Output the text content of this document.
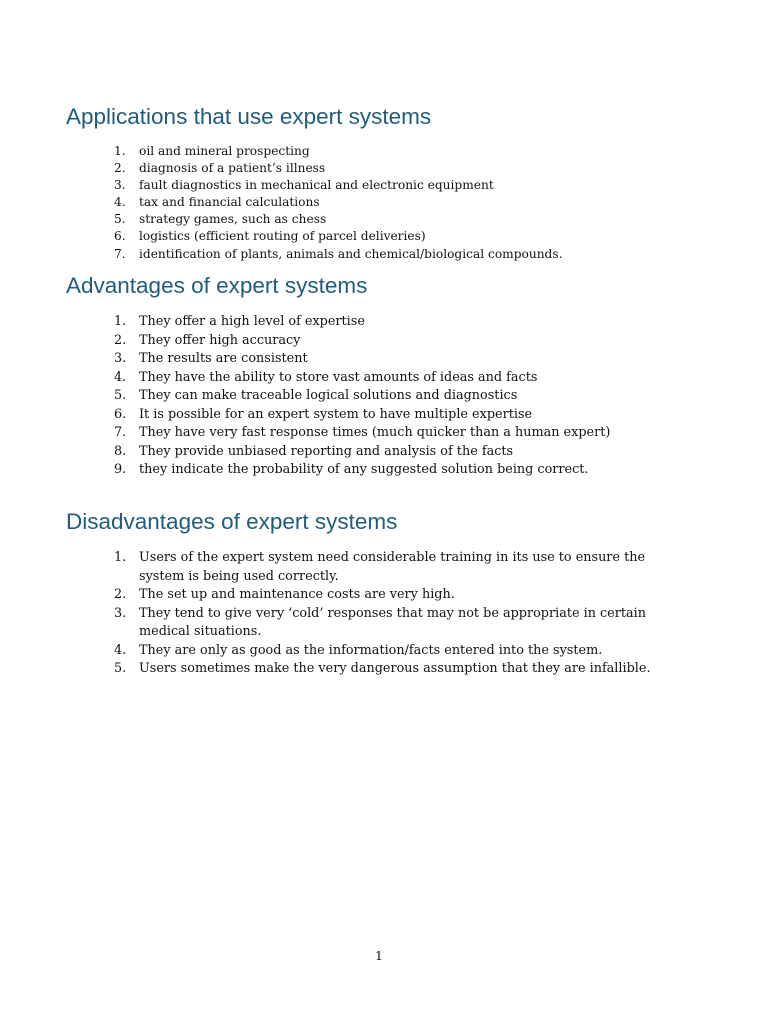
Applications that use expert systems
1. oil and mineral prospecting
2. diagnosis of a patient’s illness
3. fault diagnostics in mechanical and electronic equipment
4. tax and financial calculations
5. strategy games, such as chess
6. logistics (efficient routing of parcel deliveries)
7. identification of plants, animals and chemical/biological compounds.
Advantages of expert systems
1. They offer a high level of expertise
2. They offer high accuracy
3. The results are consistent
4. They have the ability to store vast amounts of ideas and facts
5. They can make traceable logical solutions and diagnostics
6. It is possible for an expert system to have multiple expertise
7. They have very fast response times (much quicker than a human expert)
8. They provide unbiased reporting and analysis of the facts
9. they indicate the probability of any suggested solution being correct.
Disadvantages of expert systems
1. Users of the expert system need considerable training in its use to ensure the system is being used correctly.
2. The set up and maintenance costs are very high.
3. They tend to give very ‘cold’ responses that may not be appropriate in certain medical situations.
4. They are only as good as the information/facts entered into the system.
5. Users sometimes make the very dangerous assumption that they are infallible.
1
